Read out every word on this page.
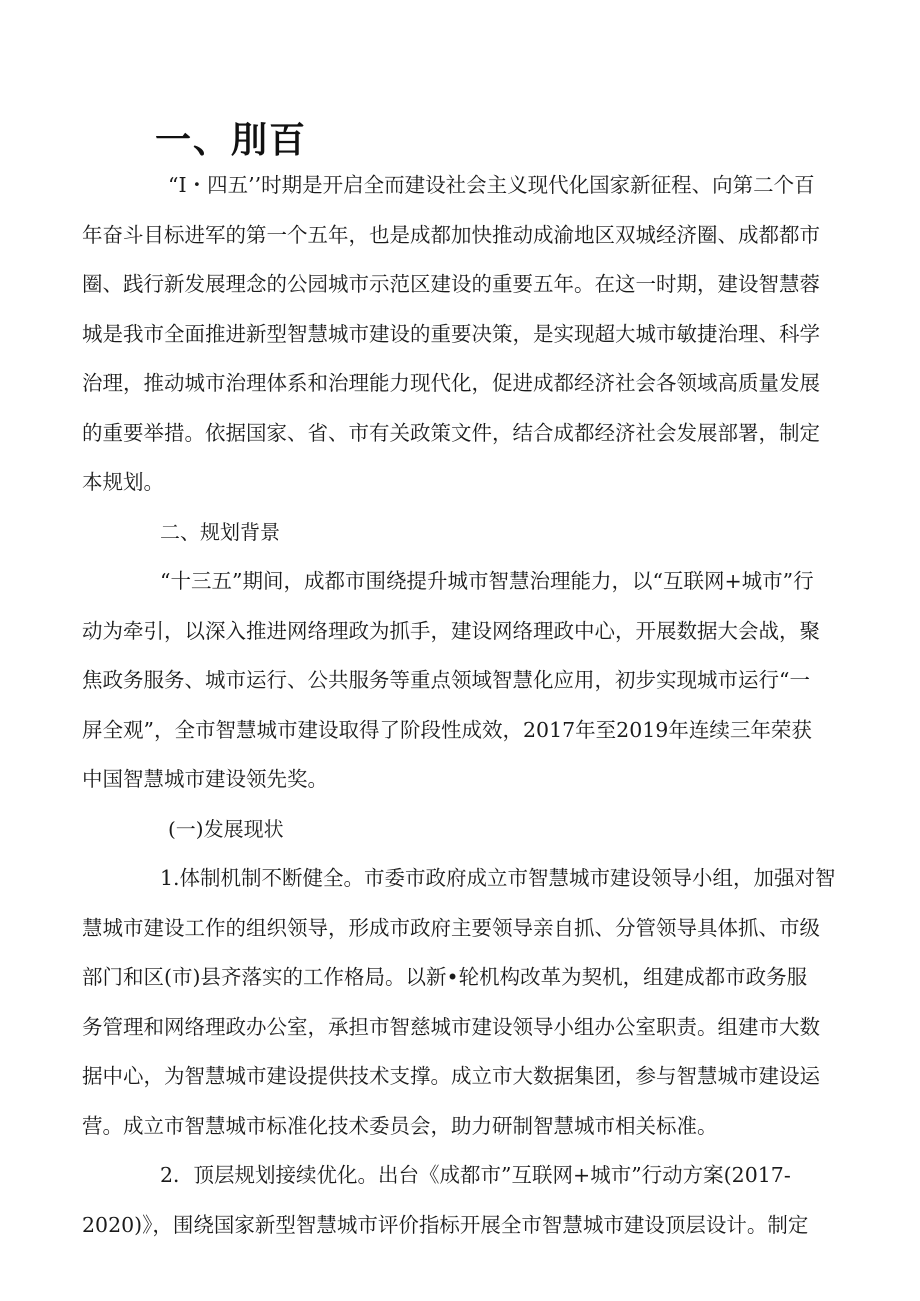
一、刖百
“I・四五’’时期是开启全而建设社会主义现代化国家新征程、向第二个百
年奋斗目标进军的第一个五年，也是成都加快推动成渝地区双城经济圈、成都都市
圈、践行新发展理念的公园城市示范区建设的重要五年。在这一时期，建设智慧蓉
城是我市全面推进新型智慧城市建设的重要决策，是实现超大城市敏捷治理、科学
治理，推动城市治理体系和治理能力现代化，促进成都经济社会各领域高质量发展
的重要举措。依据国家、省、市有关政策文件，结合成都经济社会发展部署，制定
本规划。
二、规划背景
“十三五”期间，成都市围绕提升城市智慧治理能力，以“互联网+城市”行
动为牵引，以深入推进网络理政为抓手，建设网络理政中心，开展数据大会战，聚
焦政务服务、城市运行、公共服务等重点领域智慧化应用，初步实现城市运行“一
屏全观”，全市智慧城市建设取得了阶段性成效，2017年至2019年连续三年荣获
中国智慧城市建设领先奖。
(一)发展现状
1.体制机制不断健全。市委市政府成立市智慧城市建设领导小组，加强对智
慧城市建设工作的组织领导，形成市政府主要领导亲自抓、分管领导具体抓、市级
部门和区(市)县齐落实的工作格局。以新•轮机构改革为契机，组建成都市政务服
务管理和网络理政办公室，承担市智慈城市建设领导小组办公室职责。组建市大数
据中心，为智慧城市建设提供技术支撑。成立市大数据集团，参与智慧城市建设运
营。成立市智慧城市标准化技术委员会，助力研制智慧城市相关标准。
2．顶层规划接续优化。出台《成都市”互联网+城市”行动方案(2017-
2020)》，围绕国家新型智慧城市评价指标开展全市智慧城市建设顶层设计。制定
